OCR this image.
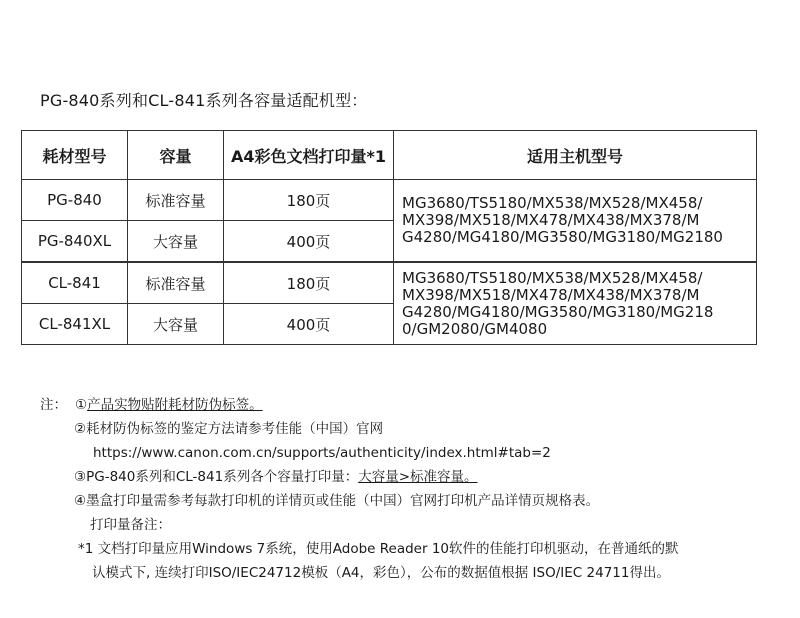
PG-840系列和CL-841系列各容量适配机型：
耗材型号	容量	A4彩色文档打印量*1	适用主机型号
PG-840	标准容量	180页	MG3680/TS5180/MX538/MX528/MX458/
MX398/MX518/MX478/MX438/MX378/M
G4280/MG4180/MG3580/MG3180/MG2180

PG-840XL	大容量	400页	
CL-841	标准容量	180页	MG3680/TS5180/MX538/MX528/MX458/
MX398/MX518/MX478/MX438/MX378/M
G4280/MG4180/MG3580/MG3180/MG218
0/GM2080/GM4080

CL-841XL	大容量	400页	
注： ①产品实物贴附耗材防伪标签。
②耗材防伪标签的鉴定方法请参考佳能（中国）官网
https://www.canon.com.cn/supports/authenticity/index.html#tab=2
③PG-840系列和CL-841系列各个容量打印量：大容量>标准容量。
④墨盒打印量需参考每款打印机的详情页或佳能（中国）官网打印机产品详情页规格表。
打印量备注：
*1 文档打印量应用Windows 7系统，使用Adobe Reader 10软件的佳能打印机驱动，在普通纸的默
认模式下, 连续打印ISO/IEC24712模板（A4，彩色），公布的数据值根据 ISO/IEC 24711得出。
